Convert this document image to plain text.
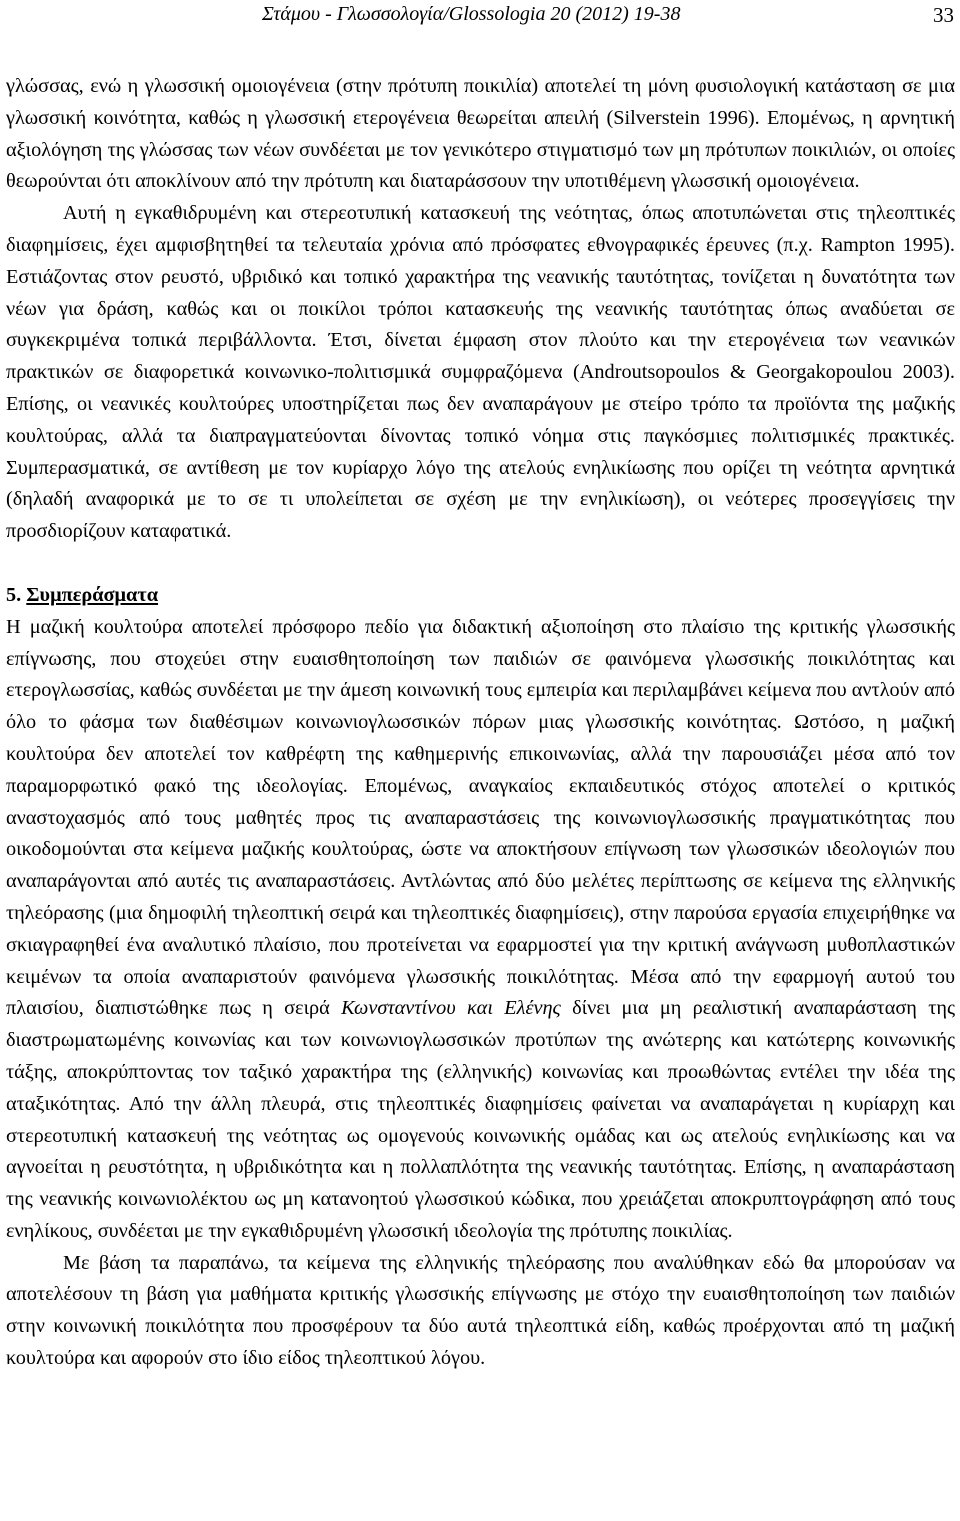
Στάμου - Γλωσσολογία/Glossologia 20 (2012) 19-38	33

γλώσσας, ενώ η γλωσσική ομοιογένεια (στην πρότυπη ποικιλία) αποτελεί τη μόνη φυσιολογική κατάσταση σε μια γλωσσική κοινότητα, καθώς η γλωσσική ετερογένεια θεωρείται απειλή (Silverstein 1996). Επομένως, η αρνητική αξιολόγηση της γλώσσας των νέων συνδέεται με τον γενικότερο στιγματισμό των μη πρότυπων ποικιλιών, οι οποίες θεωρούνται ότι αποκλίνουν από την πρότυπη και διαταράσσουν την υποτιθέμενη γλωσσική ομοιογένεια.

Αυτή η εγκαθιδρυμένη και στερεοτυπική κατασκευή της νεότητας, όπως αποτυπώνεται στις τηλεοπτικές διαφημίσεις, έχει αμφισβητηθεί τα τελευταία χρόνια από πρόσφατες εθνογραφικές έρευνες (π.χ. Rampton 1995). Εστιάζοντας στον ρευστό, υβριδικό και τοπικό χαρακτήρα της νεανικής ταυτότητας, τονίζεται η δυνατότητα των νέων για δράση, καθώς και οι ποικίλοι τρόποι κατασκευής της νεανικής ταυτότητας όπως αναδύεται σε συγκεκριμένα τοπικά περιβάλλοντα. Έτσι, δίνεται έμφαση στον πλούτο και την ετερογένεια των νεανικών πρακτικών σε διαφορετικά κοινωνικο-πολιτισμικά συμφραζόμενα (Androutsopoulos & Georgakopoulou 2003). Επίσης, οι νεανικές κουλτούρες υποστηρίζεται πως δεν αναπαράγουν με στείρο τρόπο τα προϊόντα της μαζικής κουλτούρας, αλλά τα διαπραγματεύονται δίνοντας τοπικό νόημα στις παγκόσμιες πολιτισμικές πρακτικές. Συμπερασματικά, σε αντίθεση με τον κυρίαρχο λόγο της ατελούς ενηλικίωσης που ορίζει τη νεότητα αρνητικά (δηλαδή αναφορικά με το σε τι υπολείπεται σε σχέση με την ενηλικίωση), οι νεότερες προσεγγίσεις την προσδιορίζουν καταφατικά.

5. Συμπεράσματα

Η μαζική κουλτούρα αποτελεί πρόσφορο πεδίο για διδακτική αξιοποίηση στο πλαίσιο της κριτικής γλωσσικής επίγνωσης, που στοχεύει στην ευαισθητοποίηση των παιδιών σε φαινόμενα γλωσσικής ποικιλότητας και ετερογλωσσίας, καθώς συνδέεται με την άμεση κοινωνική τους εμπειρία και περιλαμβάνει κείμενα που αντλούν από όλο το φάσμα των διαθέσιμων κοινωνιογλωσσικών πόρων μιας γλωσσικής κοινότητας. Ωστόσο, η μαζική κουλτούρα δεν αποτελεί τον καθρέφτη της καθημερινής επικοινωνίας, αλλά την παρουσιάζει μέσα από τον παραμορφωτικό φακό της ιδεολογίας. Επομένως, αναγκαίος εκπαιδευτικός στόχος αποτελεί ο κριτικός αναστοχασμός από τους μαθητές προς τις αναπαραστάσεις της κοινωνιογλωσσικής πραγματικότητας που οικοδομούνται στα κείμενα μαζικής κουλτούρας, ώστε να αποκτήσουν επίγνωση των γλωσσικών ιδεολογιών που αναπαράγονται από αυτές τις αναπαραστάσεις. Αντλώντας από δύο μελέτες περίπτωσης σε κείμενα της ελληνικής τηλεόρασης (μια δημοφιλή τηλεοπτική σειρά και τηλεοπτικές διαφημίσεις), στην παρούσα εργασία επιχειρήθηκε να σκιαγραφηθεί ένα αναλυτικό πλαίσιο, που προτείνεται να εφαρμοστεί για την κριτική ανάγνωση μυθοπλαστικών κειμένων τα οποία αναπαριστούν φαινόμενα γλωσσικής ποικιλότητας. Μέσα από την εφαρμογή αυτού του πλαισίου, διαπιστώθηκε πως η σειρά Κωνσταντίνου και Ελένης δίνει μια μη ρεαλιστική αναπαράσταση της διαστρωματωμένης κοινωνίας και των κοινωνιογλωσσικών προτύπων της ανώτερης και κατώτερης κοινωνικής τάξης, αποκρύπτοντας τον ταξικό χαρακτήρα της (ελληνικής) κοινωνίας και προωθώντας εντέλει την ιδέα της αταξικότητας. Από την άλλη πλευρά, στις τηλεοπτικές διαφημίσεις φαίνεται να αναπαράγεται η κυρίαρχη και στερεοτυπική κατασκευή της νεότητας ως ομογενούς κοινωνικής ομάδας και ως ατελούς ενηλικίωσης και να αγνοείται η ρευστότητα, η υβριδικότητα και η πολλαπλότητα της νεανικής ταυτότητας. Επίσης, η αναπαράσταση της νεανικής κοινωνιολέκτου ως μη κατανοητού γλωσσικού κώδικα, που χρειάζεται αποκρυπτογράφηση από τους ενηλίκους, συνδέεται με την εγκαθιδρυμένη γλωσσική ιδεολογία της πρότυπης ποικιλίας.

Με βάση τα παραπάνω, τα κείμενα της ελληνικής τηλεόρασης που αναλύθηκαν εδώ θα μπορούσαν να αποτελέσουν τη βάση για μαθήματα κριτικής γλωσσικής επίγνωσης με στόχο την ευαισθητοποίηση των παιδιών στην κοινωνική ποικιλότητα που προσφέρουν τα δύο αυτά τηλεοπτικά είδη, καθώς προέρχονται από τη μαζική κουλτούρα και αφορούν στο ίδιο είδος τηλεοπτικού λόγου.
